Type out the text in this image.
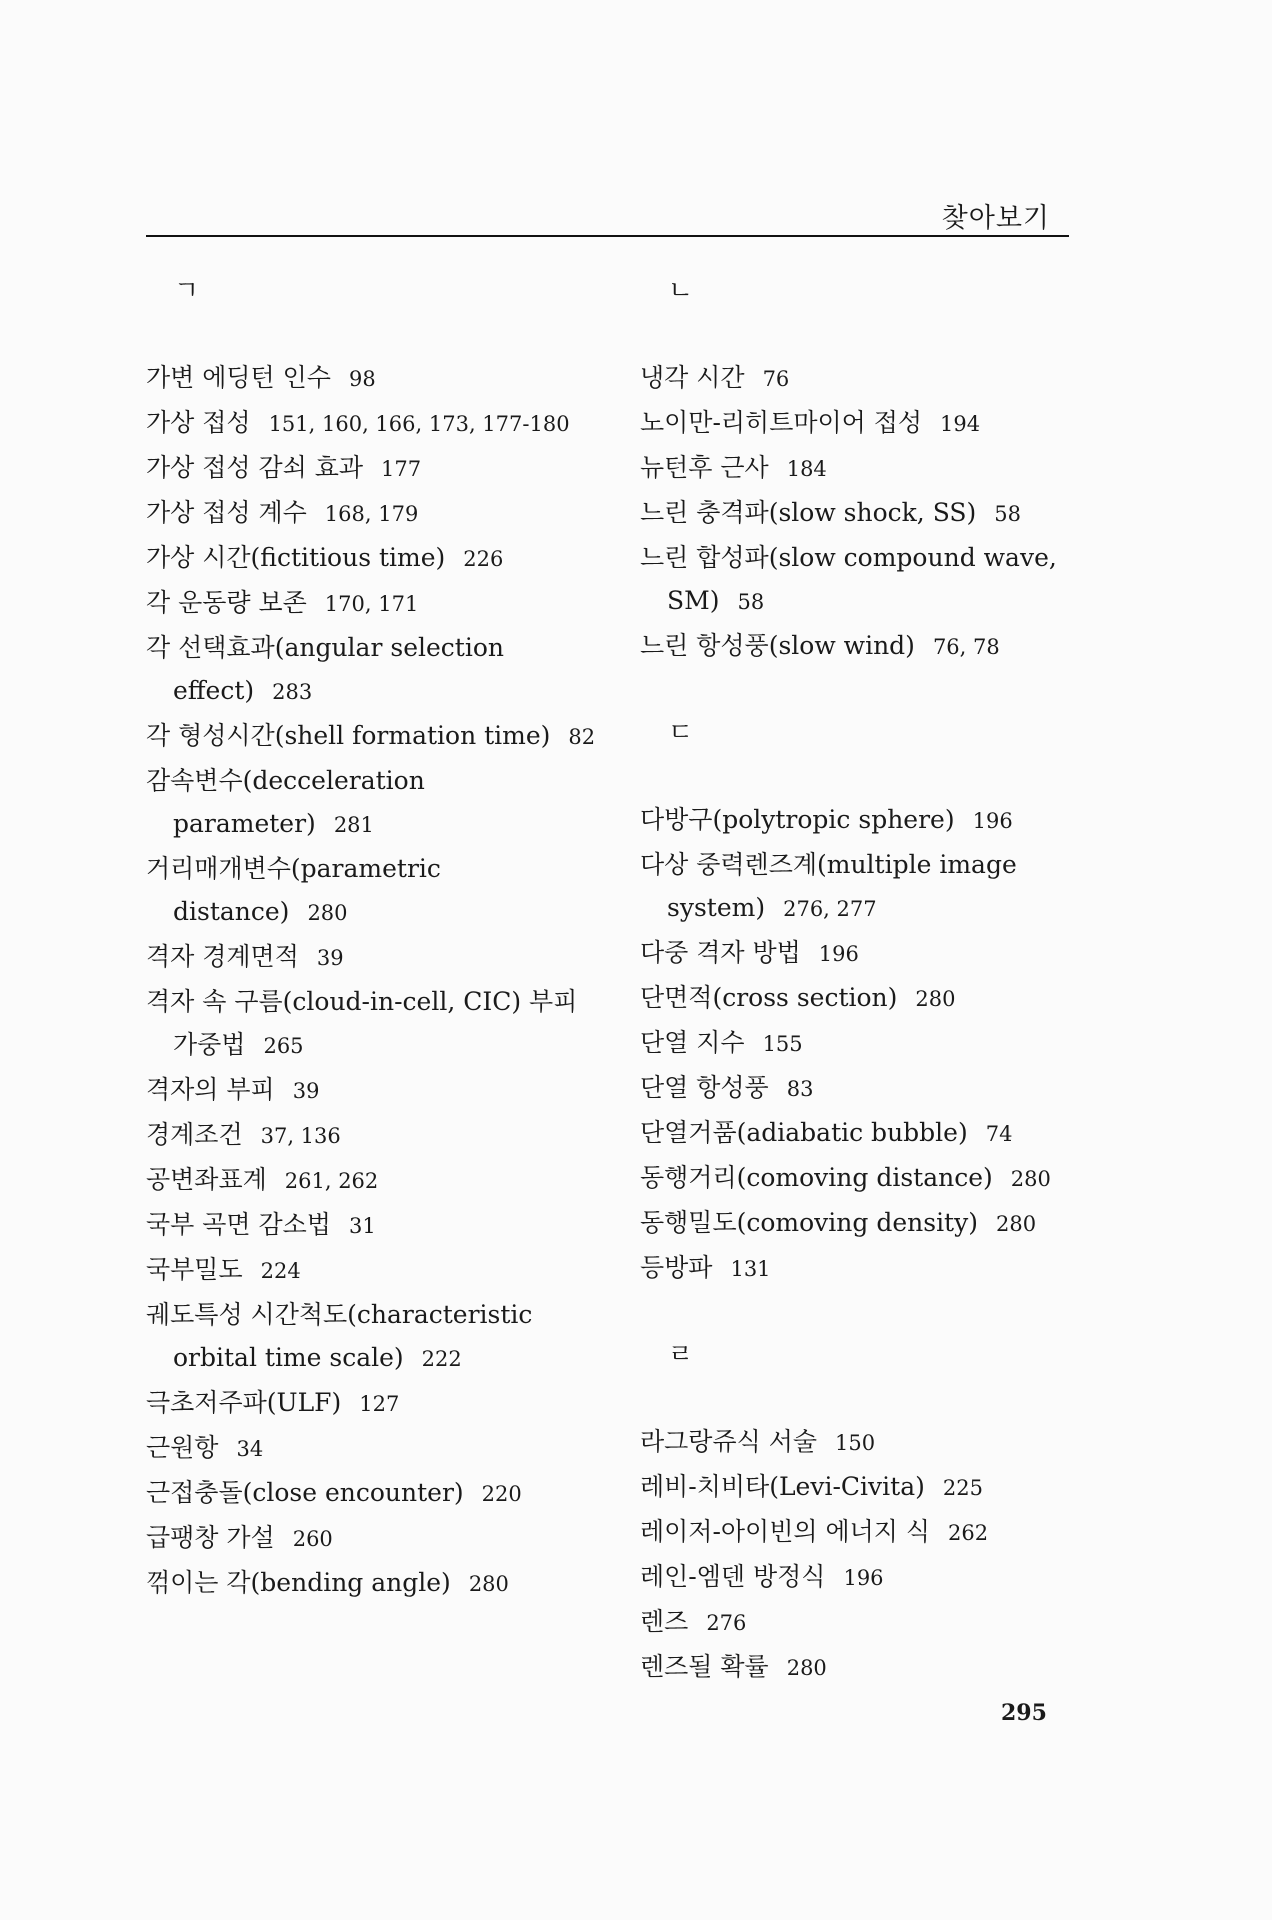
찾아보기
ㄱ

가변 에딩턴 인수 98

가상 접성 151, 160, 166, 173, 177-180

가상 접성 감쇠 효과 177

가상 접성 계수 168, 179

가상 시간(fictitious time) 226

각 운동량 보존 170, 171

각 선택효과(angular selection effect) 283

각 형성시간(shell formation time) 82

감속변수(decceleration parameter) 281

거리매개변수(parametric distance) 280

격자 경계면적 39

격자 속 구름(cloud-in-cell, CIC) 부피 가중법 265

격자의 부피 39

경계조건 37, 136

공변좌표계 261, 262

국부 곡면 감소법 31

국부밀도 224

궤도특성 시간척도(characteristic orbital time scale) 222

극초저주파(ULF) 127

근원항 34

근접충돌(close encounter) 220

급팽창 가설 260

꺾이는 각(bending angle) 280

ㄴ

냉각 시간 76

노이만-리히트마이어 접성 194

뉴턴후 근사 184

느린 충격파(slow shock, SS) 58

느린 합성파(slow compound wave, SM) 58

느린 항성풍(slow wind) 76, 78

ㄷ

다방구(polytropic sphere) 196

다상 중력렌즈계(multiple image system) 276, 277

다중 격자 방법 196

단면적(cross section) 280

단열 지수 155

단열 항성풍 83

단열거품(adiabatic bubble) 74

동행거리(comoving distance) 280

동행밀도(comoving density) 280

등방파 131

ㄹ

라그랑쥬식 서술 150

레비-치비타(Levi-Civita) 225

레이저-아이빈의 에너지 식 262

레인-엠덴 방정식 196

렌즈 276

렌즈될 확률 280

295
